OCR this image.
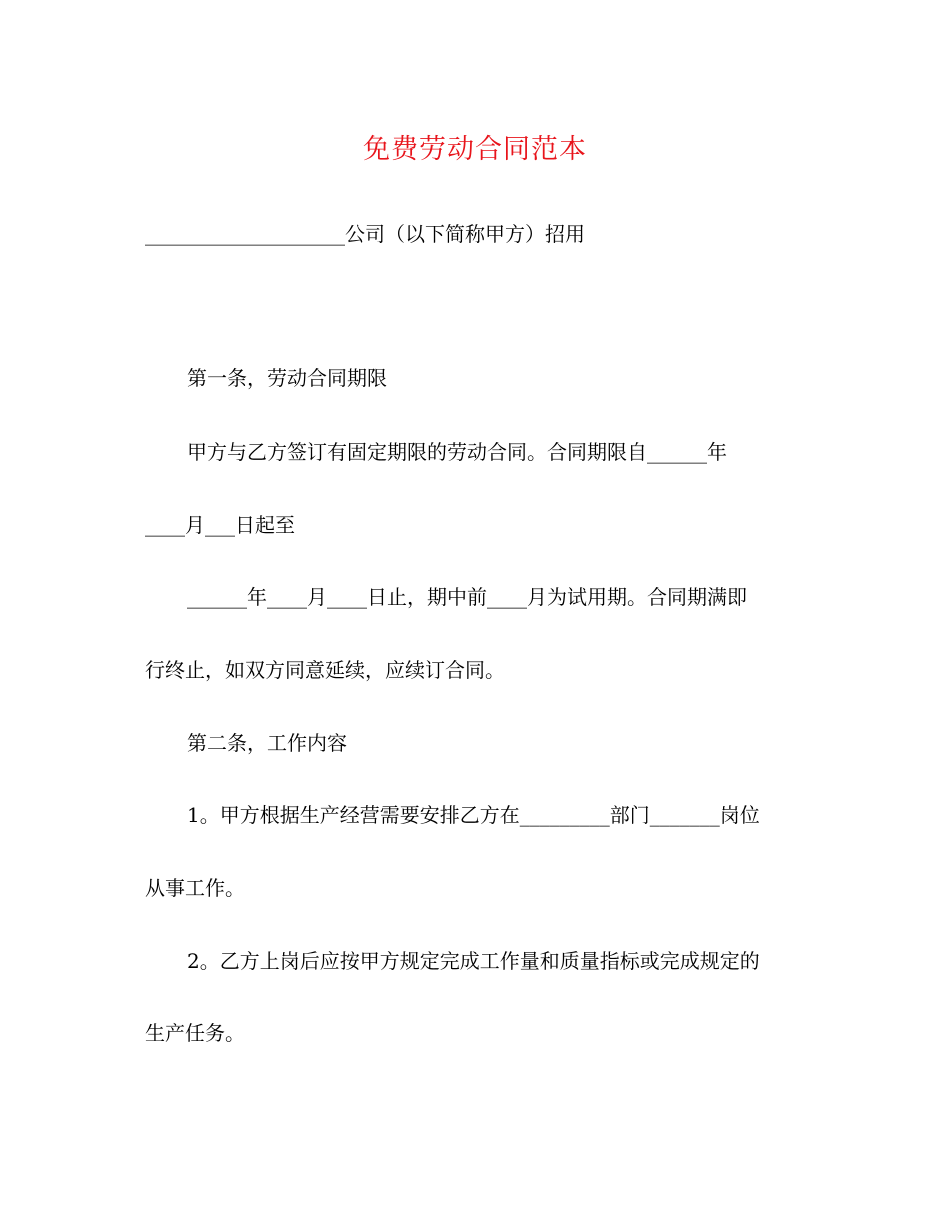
免费劳动合同范本
____________________公司（以下简称甲方）招用
第一条，劳动合同期限
甲方与乙方签订有固定期限的劳动合同。合同期限自______年
____月___日起至
______年____月____日止，期中前____月为试用期。合同期满即
行终止，如双方同意延续，应续订合同。
第二条，工作内容
1。甲方根据生产经营需要安排乙方在_________部门_______岗位
从事工作。
2。乙方上岗后应按甲方规定完成工作量和质量指标或完成规定的
生产任务。
